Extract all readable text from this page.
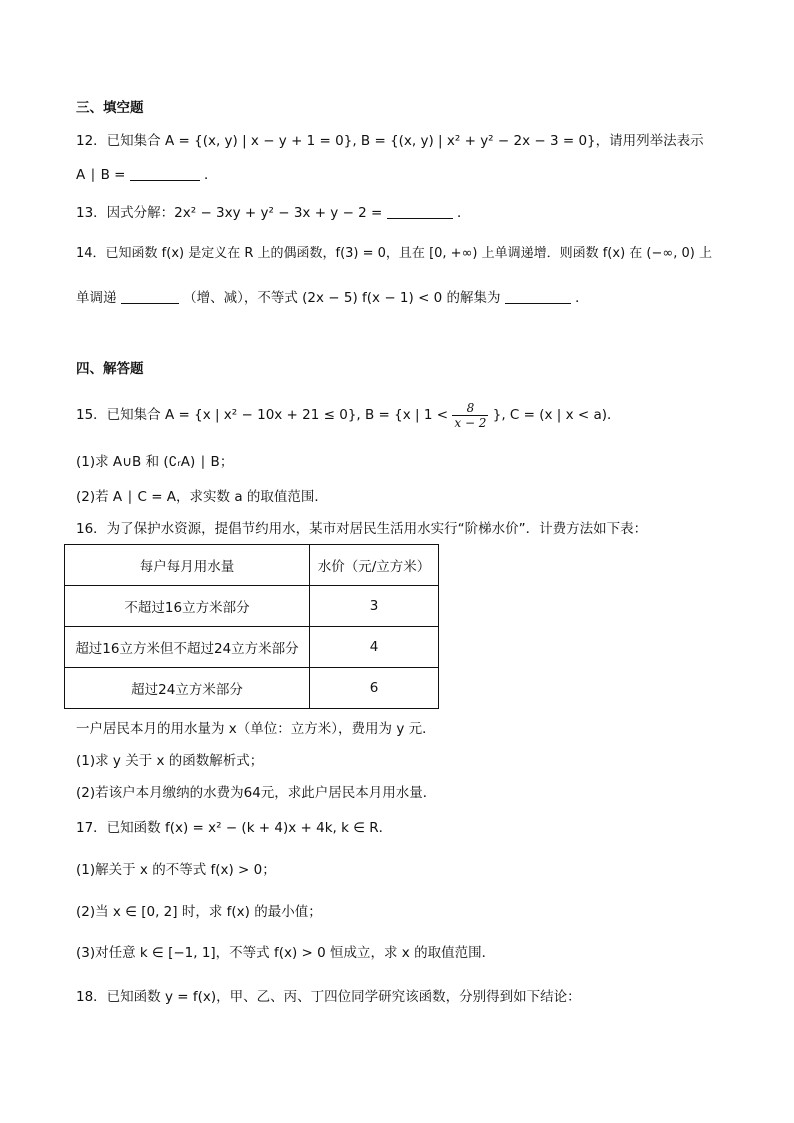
三、填空题
12．已知集合 A = {(x, y) | x − y + 1 = 0}, B = {(x, y) | x² + y² − 2x − 3 = 0}，请用列举法表示
A ∣ B =	．
13．因式分解：2x² − 3xy + y² − 3x + y − 2 =	．
14．已知函数 f(x) 是定义在 R 上的偶函数，f(3) = 0，且在 [0, +∞) 上单调递增．则函数 f(x) 在 (−∞, 0) 上
单调递	（增、减），不等式 (2x − 5) f(x − 1) < 0 的解集为	．
四、解答题
15．已知集合 A = {x | x² − 10x + 21 ≤ 0}, B = {x | $1 < \frac{8}{x - 2}$ }, C = (x | x < a)．
(1)求 A∪B 和 (∁ᵣA) ∣ B；
(2)若 A ∣ C = A，求实数 a 的取值范围．
16．为了保护水资源，提倡节约用水，某市对居民生活用水实行“阶梯水价”．计费方法如下表：
每户每月用水量	水价（元/立方米）
不超过16立方米部分	3
超过16立方米但不超过24立方米部分	4
超过24立方米部分	6
一户居民本月的用水量为 x（单位：立方米），费用为 y 元．
(1)求 y 关于 x 的函数解析式；
(2)若该户本月缴纳的水费为64元，求此户居民本月用水量．
17．已知函数 f(x) = x² − (k + 4)x + 4k, k ∈ R．
(1)解关于 x 的不等式 f(x) > 0；
(2)当 x ∈ [0, 2] 时，求 f(x) 的最小值；
(3)对任意 k ∈ [−1, 1]，不等式 f(x) > 0 恒成立，求 x 的取值范围．
18．已知函数 y = f(x)，甲、乙、丙、丁四位同学研究该函数，分别得到如下结论：
